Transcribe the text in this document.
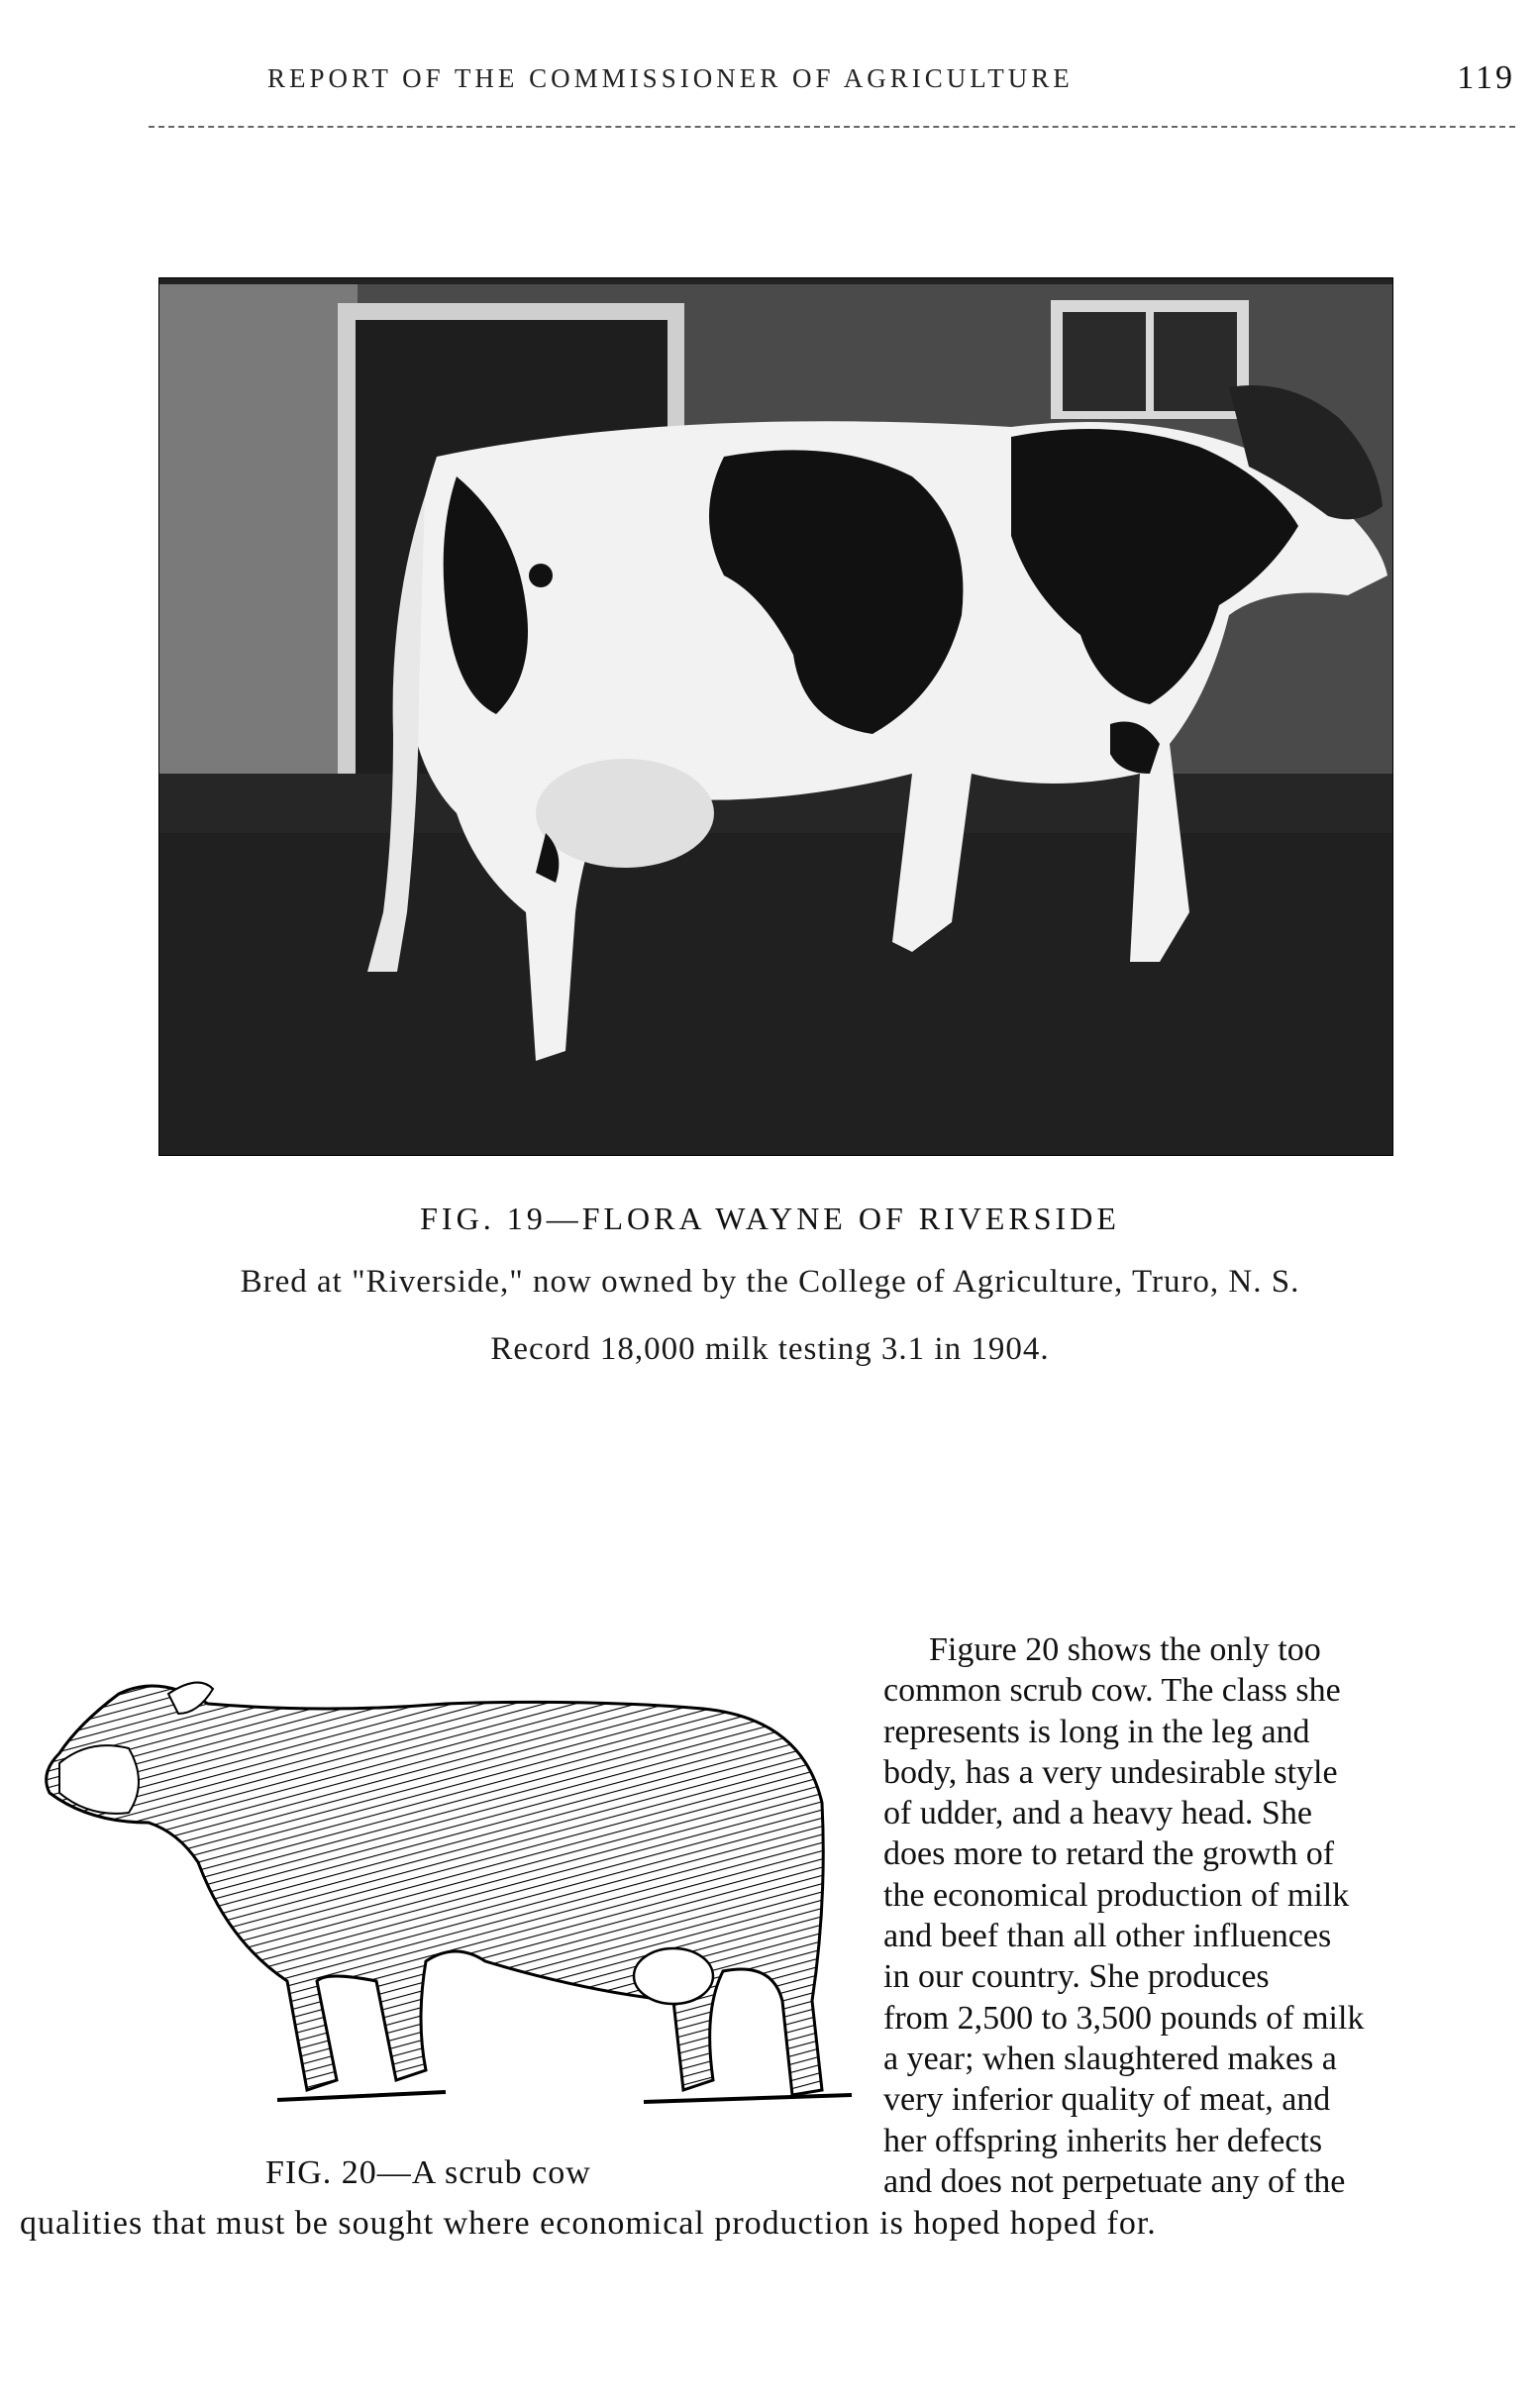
REPORT OF THE COMMISSIONER OF AGRICULTURE	119
FIG. 19—FLORA WAYNE OF RIVERSIDE
Bred at "Riverside," now owned by the College of Agriculture, Truro, N. S.
Record 18,000 milk testing 3.1 in 1904.
FIG. 20—A scrub cow
Figure 20 shows the only too
common scrub cow. The class she
represents is long in the leg and
body, has a very undesirable style
of udder, and a heavy head. She
does more to retard the growth of
the economical production of milk
and beef than all other influences
in our country. She produces
from 2,500 to 3,500 pounds of milk
a year; when slaughtered makes a
very inferior quality of meat, and
her offspring inherits her defects
and does not perpetuate any of the
qualities that must be sought where economical production is hoped hoped for.
